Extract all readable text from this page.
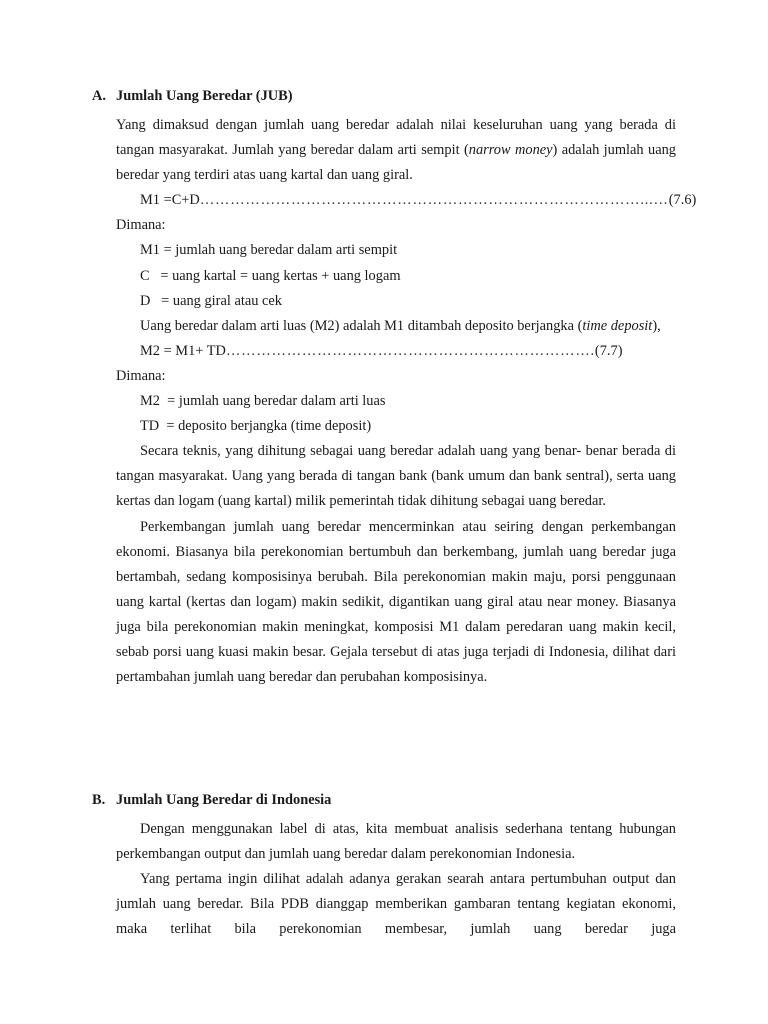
A. Jumlah Uang Beredar (JUB)

Yang dimaksud dengan jumlah uang beredar adalah nilai keseluruhan uang yang berada di tangan masyarakat. Jumlah yang beredar dalam arti sempit (narrow money) adalah jumlah uang beredar yang terdiri atas uang kartal dan uang giral.

M1 =C+D……………………………………………………………………………...…(7.6)

Dimana:

M1 = jumlah uang beredar dalam arti sempit

C   = uang kartal = uang kertas + uang logam

D   = uang giral atau cek

Uang beredar dalam arti luas (M2) adalah M1 ditambah deposito berjangka (time deposit),

M2 = M1+ TD……………………………………………………………….(7.7)

Dimana:

M2  = jumlah uang beredar dalam arti luas

TD  = deposito berjangka (time deposit)

Secara teknis, yang dihitung sebagai uang beredar adalah uang yang benar- benar berada di tangan masyarakat. Uang yang berada di tangan bank (bank umum dan bank sentral), serta uang kertas dan logam (uang kartal) milik pemerintah tidak dihitung sebagai uang beredar.

Perkembangan jumlah uang beredar mencerminkan atau seiring dengan perkembangan ekonomi. Biasanya bila perekonomian bertumbuh dan berkembang, jumlah uang beredar juga bertambah, sedang komposisinya berubah. Bila perekonomian makin maju, porsi penggunaan uang kartal (kertas dan logam) makin sedikit, digantikan uang giral atau near money. Biasanya juga bila perekonomian makin meningkat, komposisi M1 dalam peredaran uang makin kecil, sebab porsi uang kuasi makin besar. Gejala tersebut di atas juga terjadi di Indonesia, dilihat dari pertambahan jumlah uang beredar dan perubahan komposisinya.

B. Jumlah Uang Beredar di Indonesia

Dengan menggunakan label di atas, kita membuat analisis sederhana tentang hubungan perkembangan output dan jumlah uang beredar dalam perekonomian Indonesia.

Yang pertama ingin dilihat adalah adanya gerakan searah antara pertumbuhan output dan jumlah uang beredar. Bila PDB dianggap memberikan gambaran tentang kegiatan ekonomi, maka terlihat bila perekonomian membesar, jumlah uang beredar juga
